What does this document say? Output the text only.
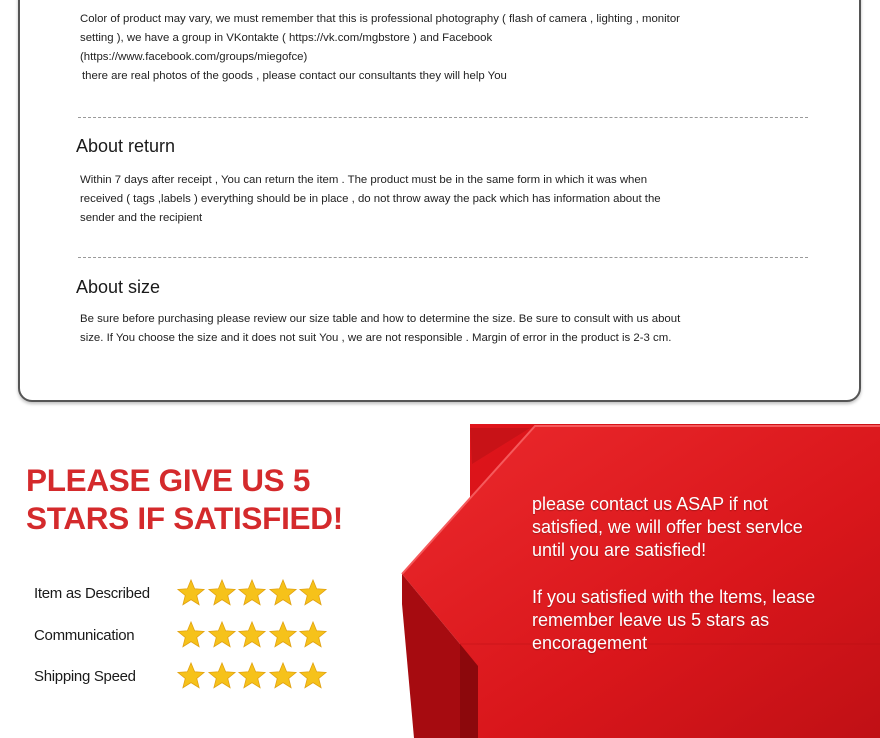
Color of product may vary, we must remember that this is professional photography ( flash of camera , lighting , monitor
setting ), we have a group in VKontakte ( https://vk.com/mgbstore ) and Facebook
(https://www.facebook.com/groups/miegofce)
there are real photos of the goods , please contact our consultants they will help You
About return
Within 7 days after receipt , You can return the item . The product must be in the same form in which it was when
received ( tags ,labels ) everything should be in place , do not throw away the pack which has information about the
sender and the recipient
About size
Be sure before purchasing please review our size table and how to determine the size. Be sure to consult with us about
size. If You choose the size and it does not suit You , we are not responsible . Margin of error in the product is 2-3 cm.
PLEASE GIVE US 5
STARS IF SATISFIED!
Item as Described
Communication
Shipping Speed
please contact us ASAP if not
satisfied, we will offer best servlce
until you are satisfied!
If you satisfied with the ltems, lease
remember leave us 5 stars as
encoragement
